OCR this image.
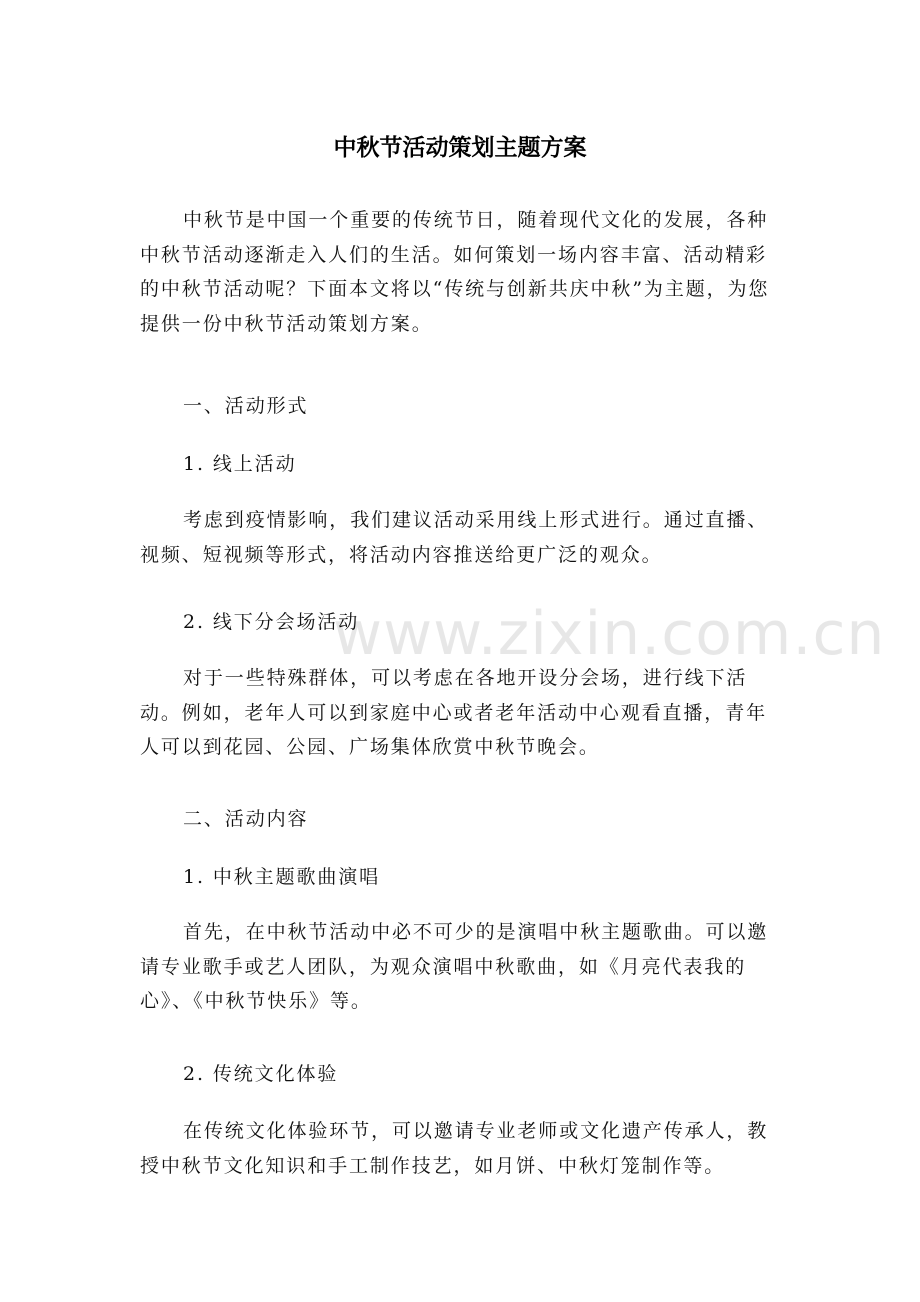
中秋节活动策划主题方案

中秋节是中国一个重要的传统节日，随着现代文化的发展，各种中秋节活动逐渐走入人们的生活。如何策划一场内容丰富、活动精彩的中秋节活动呢？下面本文将以“传统与创新共庆中秋”为主题，为您提供一份中秋节活动策划方案。

一、活动形式

1. 线上活动

考虑到疫情影响，我们建议活动采用线上形式进行。通过直播、视频、短视频等形式，将活动内容推送给更广泛的观众。

2. 线下分会场活动

对于一些特殊群体，可以考虑在各地开设分会场，进行线下活动。例如，老年人可以到家庭中心或者老年活动中心观看直播，青年人可以到花园、公园、广场集体欣赏中秋节晚会。

二、活动内容

1. 中秋主题歌曲演唱

首先，在中秋节活动中必不可少的是演唱中秋主题歌曲。可以邀请专业歌手或艺人团队，为观众演唱中秋歌曲，如《月亮代表我的心》、《中秋节快乐》等。

2. 传统文化体验

在传统文化体验环节，可以邀请专业老师或文化遗产传承人，教授中秋节文化知识和手工制作技艺，如月饼、中秋灯笼制作等。

www.zixin.com.cn
